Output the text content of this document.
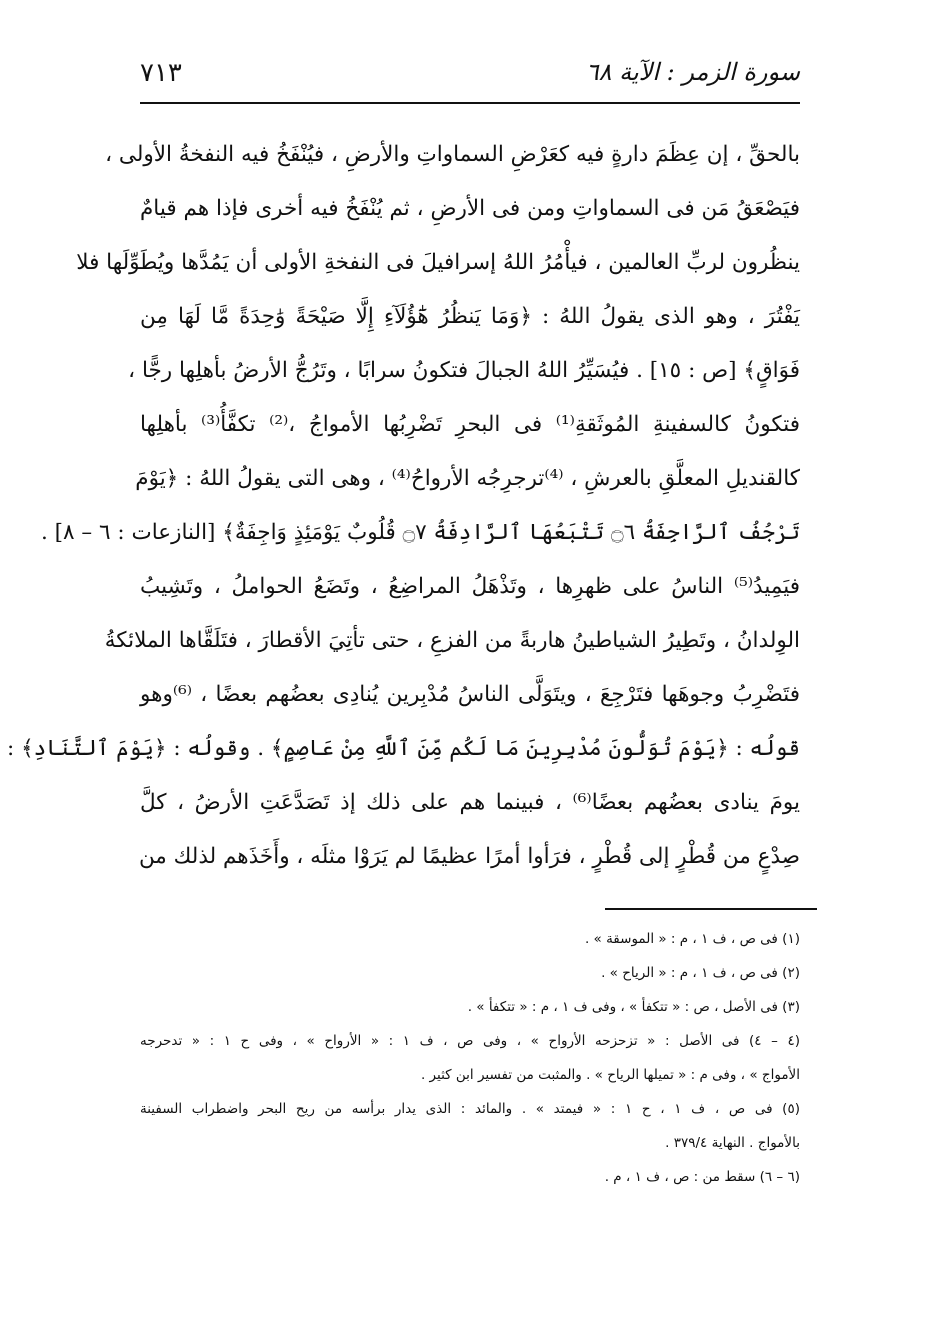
سورة الزمر : الآية ٦٨
٧١٣
بالحقِّ ، إن عِظَمَ دارةٍ فيه كعَرْضِ السماواتِ والأرضِ ، فيُنْفَخُ فيه النفخةُ الأولى ،
فيَصْعَقُ مَن فى السماواتِ ومن فى الأرضِ ، ثم يُنْفَخُ فيه أخرى فإذا هم قيامٌ
ينظُرون لربِّ العالمين ، فيأْمُرُ اللهُ إسرافيلَ فى النفخةِ الأولى أن يَمُدَّها ويُطَوِّلَها فلا
يَفْتُرَ ، وهو الذى يقولُ اللهُ : ﴿وَمَا يَنظُرُ هَٰٓؤُلَآءِ إِلَّا صَيْحَةً وَٰحِدَةً مَّا لَهَا مِن
فَوَاقٍ﴾ [ص : ١٥] . فيُسَيِّرُ اللهُ الجبالَ فتكونُ سرابًا ، وتَرُجُّ الأرضُ بأهلِها رجًّا ،
فتكونُ كالسفينةِ المُوثَقةِ⁽¹⁾ فى البحرِ تَضْرِبُها الأمواجُ ،⁽²⁾ تكفَّأُ⁽³⁾ بأهلِها
كالقنديلِ المعلَّقِ بالعرشِ ، ⁽⁴⁾ترجرِجُه الأرواحُ⁽⁴⁾ ، وهى التى يقولُ اللهُ : ﴿يَوْمَ
تَرْجُفُ ٱلرَّاجِفَةُ ۝٦ تَتْبَعُهَا ٱلرَّادِفَةُ ۝٧ قُلُوبٌ يَوْمَئِذٍ وَاجِفَةٌ﴾ [النازعات : ٦ – ٨] .
فيَمِيدُ⁽⁵⁾ الناسُ على ظهرِها ، وتَذْهَلُ المراضِعُ ، وتَضَعُ الحواملُ ، وتَشِيبُ
الوِلدانُ ، وتَطِيرُ الشياطينُ هاربةً من الفزعِ ، حتى تأتِيَ الأقطارَ ، فتَلَقَّاها الملائكةُ
فتَضْرِبُ وجوهَها فتَرْجِعَ ، ويتَوَلَّى الناسُ مُدْبِرين يُنادِى بعضُهم بعضًا ، ⁽⁶⁾وهو
قولُه : ﴿يَوْمَ تُوَلُّونَ مُدْبِرِينَ مَا لَكُم مِّنَ ٱللَّهِ مِنْ عَاصِمٍ﴾ . وقولُه : ﴿يَوْمَ ٱلتَّنَادِ﴾ :
يومَ ينادى بعضُهم بعضًا⁽⁶⁾ ، فبينما هم على ذلك إذ تَصَدَّعَتِ الأرضُ ، كلَّ
صِدْعٍ من قُطْرٍ إلى قُطْرٍ ، فرَأوا أمرًا عظيمًا لم يَرَوْا مثلَه ، وأَخَذَهم لذلك من
(١) فى ص ، ف ١ ، م : « الموسقة » .
(٢) فى ص ، ف ١ ، م : « الرياح » .
(٣) فى الأصل ، ص : « تتكفأ » ، وفى ف ١ ، م : « تتكفأ » .
(٤ – ٤) فى الأصل : « تزحزحه الأرواح » ، وفى ص ، ف ١ : « الأرواح » ، وفى ح ١ : « تدحرجه
الأمواج » ، وفى م : « تميلها الرياح » . والمثبت من تفسير ابن كثير .
(٥) فى ص ، ف ١ ، ح ١ : « فيمتد » . والمائد : الذى يدار برأسه من ريح البحر واضطراب السفينة
بالأمواج . النهاية ٣٧٩/٤ .
(٦ – ٦) سقط من : ص ، ف ١ ، م .
